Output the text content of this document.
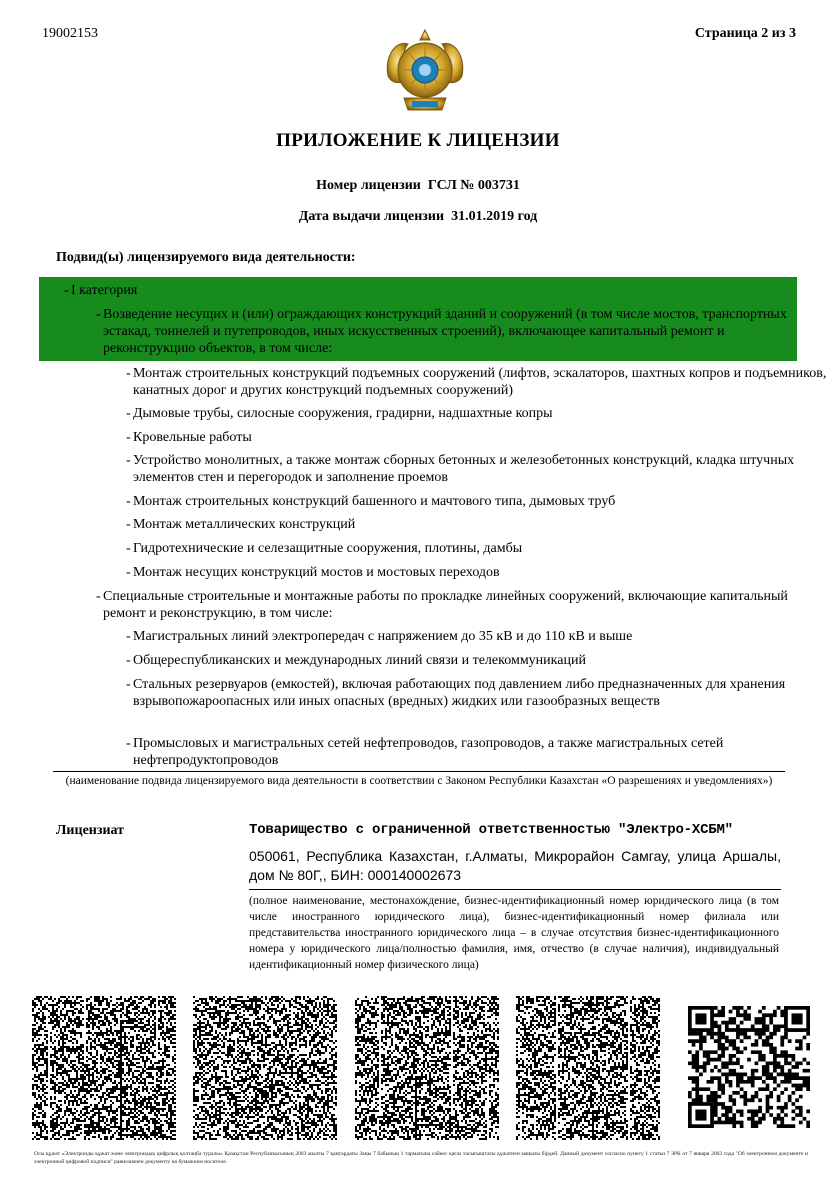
19002153	Страница 2 из 3
ПРИЛОЖЕНИЕ К ЛИЦЕНЗИИ
Номер лицензии ГСЛ № 003731
Дата выдачи лицензии 31.01.2019 год
Подвид(ы) лицензируемого вида деятельности:
- I категория
- Возведение несущих и (или) ограждающих конструкций зданий и сооружений (в том числе мостов, транспортных эстакад, тоннелей и путепроводов, иных искусственных строений), включающее капитальный ремонт и реконструкцию объектов, в том числе:
- Монтаж строительных конструкций подъемных сооружений (лифтов, эскалаторов, шахтных копров и подъемников, канатных дорог и других конструкций подъемных сооружений)
- Дымовые трубы, силосные сооружения, градирни, надшахтные копры
- Кровельные работы
- Устройство монолитных, а также монтаж сборных бетонных и железобетонных конструкций, кладка штучных элементов стен и перегородок и заполнение проемов
- Монтаж строительных конструкций башенного и мачтового типа, дымовых труб
- Монтаж металлических конструкций
- Гидротехнические и селезащитные сооружения, плотины, дамбы
- Монтаж несущих конструкций мостов и мостовых переходов
- Специальные строительные и монтажные работы по прокладке линейных сооружений, включающие капитальный ремонт и реконструкцию, в том числе:
- Магистральных линий электропередач с напряжением до 35 кВ и до 110 кВ и выше
- Общереспубликанских и международных линий связи и телекоммуникаций
- Стальных резервуаров (емкостей), включая работающих под давлением либо предназначенных для хранения взрывопожароопасных или иных опасных (вредных) жидких или газообразных веществ
- Промысловых и магистральных сетей нефтепроводов, газопроводов, а также магистральных сетей нефтепродуктопроводов
(наименование подвида лицензируемого вида деятельности в соответствии с Законом Республики Казахстан «О разрешениях и уведомлениях»)
Лицензиат	Товарищество с ограниченной ответственностью "Электро-ХСБМ"
050061, Республика Казахстан, г.Алматы, Микрорайон Самгау, улица Аршалы, дом № 80Г,, БИН: 000140002673
(полное наименование, местонахождение, бизнес-идентификационный номер юридического лица (в том числе иностранного юридического лица), бизнес-идентификационный номер филиала или представительства иностранного юридического лица – в случае отсутствия бизнес-идентификационного номера у юридического лица/полностью фамилия, имя, отчество (в случае наличия), индивидуальный идентификационный номер физического лица)
Осы құжат «Электронды құжат және электрондық цифрлық қолтаңба туралы» Қазақстан Республикасының 2003 жылғы 7 қаңтардағы Заңы 7 бабының 1 тармағына сәйкес қағаз тасығыштағы құжатпен маңызы бірдей. Данный документ согласно пункту 1 статьи 7 ЗРК от 7 января 2003 года "Об электронном документе и электронной цифровой подписи" равнозначен документу на бумажном носителе.
